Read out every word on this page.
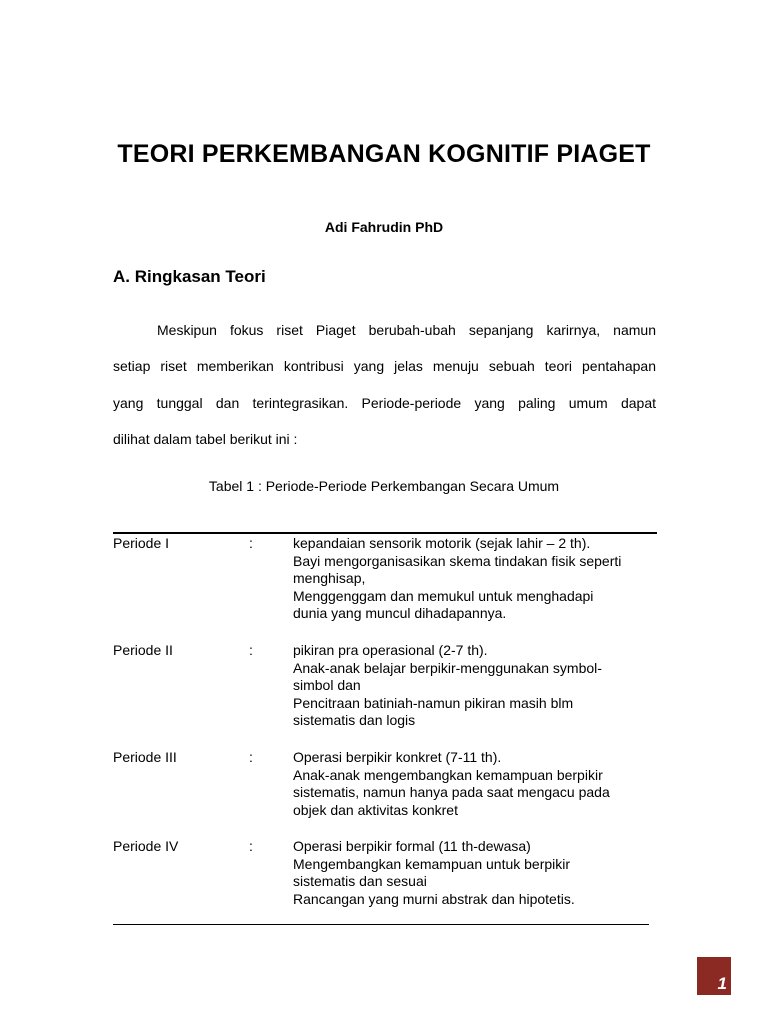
TEORI PERKEMBANGAN KOGNITIF PIAGET
Adi Fahrudin PhD
A. Ringkasan Teori
Meskipun fokus riset Piaget berubah-ubah sepanjang karirnya, namun
setiap riset memberikan kontribusi yang jelas menuju sebuah teori pentahapan
yang tunggal dan terintegrasikan. Periode-periode yang paling umum dapat
dilihat dalam tabel berikut ini :
Tabel 1 : Periode-Periode Perkembangan Secara Umum
Periode I	:	kepandaian sensorik motorik (sejak lahir – 2 th).
Bayi mengorganisasikan skema tindakan fisik seperti
menghisap,
Menggenggam dan memukul untuk menghadapi
dunia yang muncul dihadapannya.
Periode II	:	pikiran pra operasional (2-7 th).
Anak-anak belajar berpikir-menggunakan symbol-
simbol dan
Pencitraan batiniah-namun pikiran masih blm
sistematis dan logis
Periode III	:	Operasi berpikir konkret (7-11 th).
Anak-anak mengembangkan kemampuan berpikir
sistematis, namun hanya pada saat mengacu pada
objek dan aktivitas konkret
Periode IV	:	Operasi berpikir formal (11 th-dewasa)
Mengembangkan kemampuan untuk berpikir
sistematis dan sesuai
Rancangan yang murni abstrak dan hipotetis.
1
